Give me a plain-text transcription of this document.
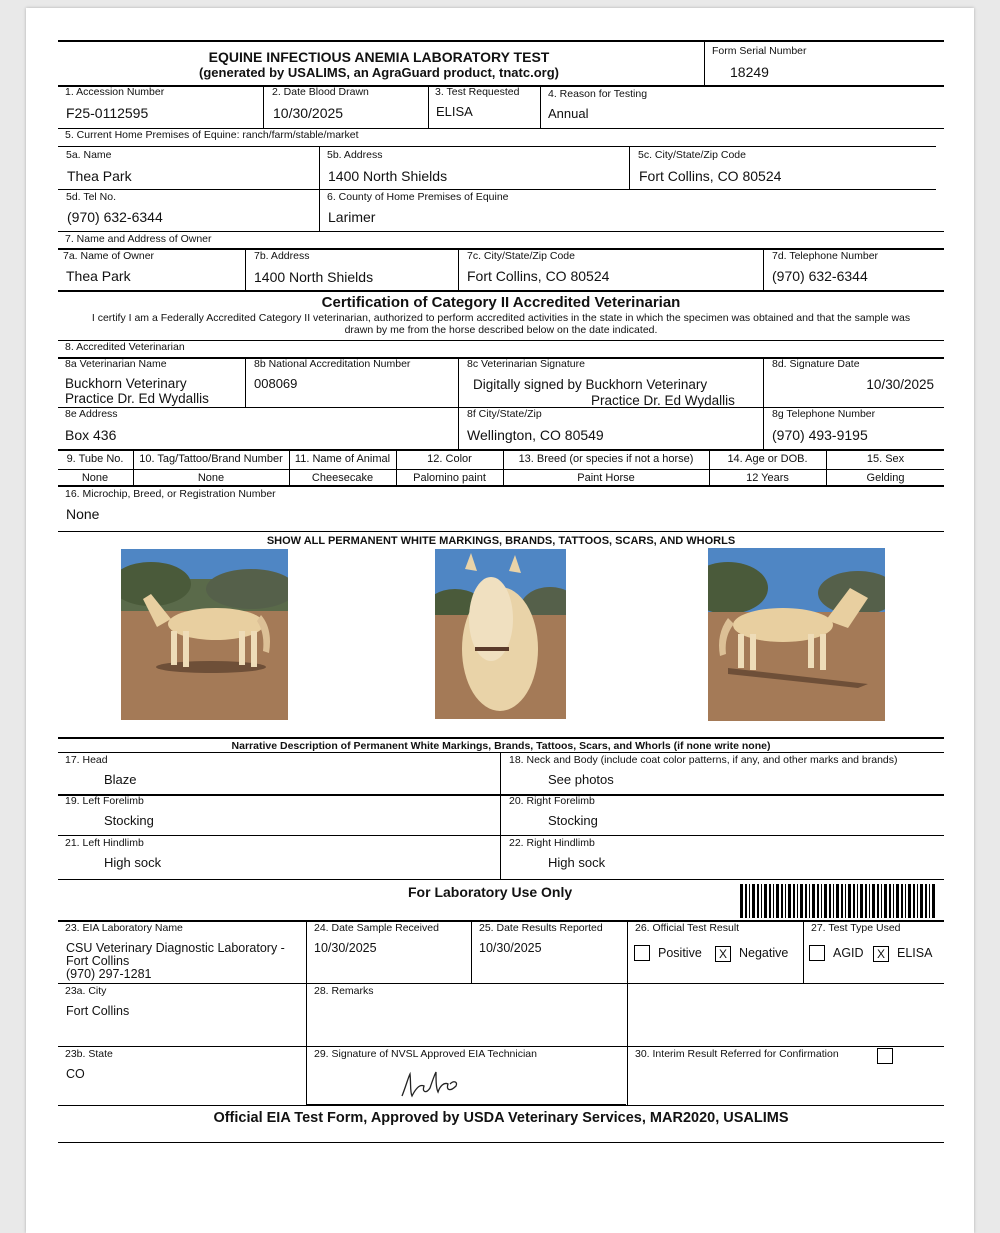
EQUINE INFECTIOUS ANEMIA LABORATORY TEST
(generated by USALIMS, an AgraGuard product, tnatc.org)
Form Serial Number
18249
1. Accession Number
F25-0112595
2. Date Blood Drawn
10/30/2025
3. Test Requested
ELISA
4. Reason for Testing
Annual
5. Current Home Premises of Equine: ranch/farm/stable/market
5a. Name
Thea Park
5b. Address
1400 North Shields
5c. City/State/Zip Code
Fort Collins, CO 80524
5d. Tel No.
(970) 632-6344
6. County of Home Premises of Equine
Larimer
7. Name and Address of Owner
7a. Name of Owner
Thea Park
7b. Address
1400 North Shields
7c. City/State/Zip Code
Fort Collins, CO 80524
7d. Telephone Number
(970) 632-6344
Certification of Category II Accredited Veterinarian
I certify I am a Federally Accredited Category II veterinarian, authorized to perform accredited activities in the state in which the specimen was obtained and that the sample was
drawn by me from the horse described below on the date indicated.
8. Accredited Veterinarian
8a Veterinarian Name
Buckhorn Veterinary
Practice Dr. Ed Wydallis
8b National Accreditation Number
008069
8c Veterinarian Signature
Digitally signed by Buckhorn Veterinary
Practice Dr. Ed Wydallis
8d. Signature Date
10/30/2025
8e Address
Box 436
8f City/State/Zip
Wellington, CO 80549
8g Telephone Number
(970) 493-9195
9. Tube No.	10. Tag/Tattoo/Brand Number	11. Name of Animal	12. Color	13. Breed (or species if not a horse)	14. Age or DOB.	15. Sex
None	None	Cheesecake	Palomino paint	Paint Horse	12 Years	Gelding
16. Microchip, Breed, or Registration Number
None
SHOW ALL PERMANENT WHITE MARKINGS, BRANDS, TATTOOS, SCARS, AND WHORLS
Narrative Description of Permanent White Markings, Brands, Tattoos, Scars, and Whorls (if none write none)
17. Head
Blaze
18. Neck and Body (include coat color patterns, if any, and other marks and brands)
See photos
19. Left Forelimb
Stocking
20. Right Forelimb
Stocking
21. Left Hindlimb
High sock
22. Right Hindlimb
High sock
For Laboratory Use Only
23. EIA Laboratory Name
CSU Veterinary Diagnostic Laboratory -
Fort Collins
(970) 297-1281
24. Date Sample Received
10/30/2025
25. Date Results Reported
10/30/2025
26. Official Test Result
Positive	X Negative
27. Test Type Used
AGID	X ELISA
23a. City
Fort Collins
28. Remarks
23b. State
CO
29. Signature of NVSL Approved EIA Technician	30. Interim Result Referred for Confirmation
Official EIA Test Form, Approved by USDA Veterinary Services, MAR2020, USALIMS
